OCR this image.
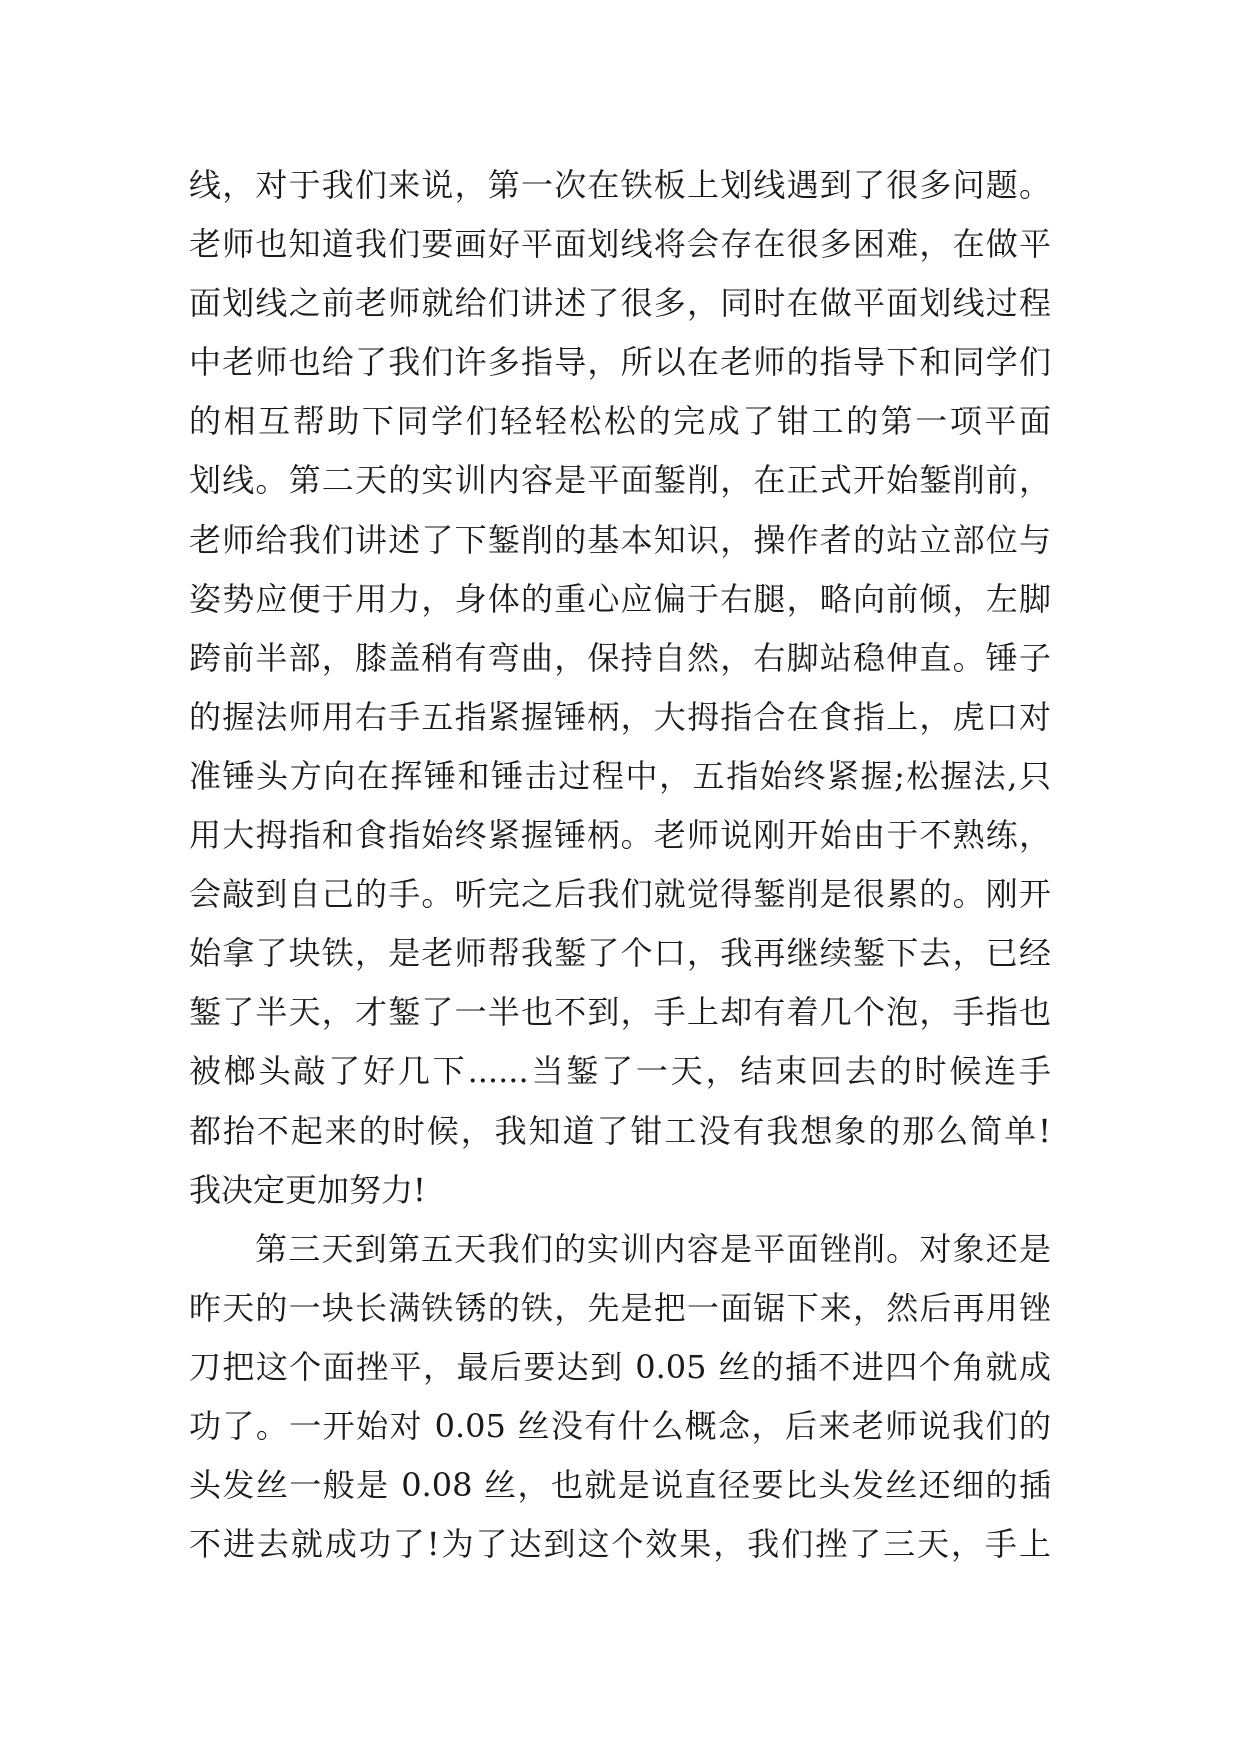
线，对于我们来说，第一次在铁板上划线遇到了很多问题。
老师也知道我们要画好平面划线将会存在很多困难，在做平
面划线之前老师就给们讲述了很多，同时在做平面划线过程
中老师也给了我们许多指导，所以在老师的指导下和同学们
的相互帮助下同学们轻轻松松的完成了钳工的第一项平面
划线。第二天的实训内容是平面錾削，在正式开始錾削前，
老师给我们讲述了下錾削的基本知识，操作者的站立部位与
姿势应便于用力，身体的重心应偏于右腿，略向前倾，左脚
跨前半部，膝盖稍有弯曲，保持自然，右脚站稳伸直。锤子
的握法师用右手五指紧握锤柄，大拇指合在食指上，虎口对
准锤头方向在挥锤和锤击过程中，五指始终紧握;松握法,只
用大拇指和食指始终紧握锤柄。老师说刚开始由于不熟练，
会敲到自己的手。听完之后我们就觉得錾削是很累的。刚开
始拿了块铁，是老师帮我錾了个口，我再继续錾下去，已经
錾了半天，才錾了一半也不到，手上却有着几个泡，手指也
被榔头敲了好几下......当錾了一天，结束回去的时候连手
都抬不起来的时候，我知道了钳工没有我想象的那么简单!
我决定更加努力!
第三天到第五天我们的实训内容是平面锉削。对象还是
昨天的一块长满铁锈的铁，先是把一面锯下来，然后再用锉
刀把这个面挫平，最后要达到 0.05 丝的插不进四个角就成
功了。一开始对 0.05 丝没有什么概念，后来老师说我们的
头发丝一般是 0.08 丝，也就是说直径要比头发丝还细的插
不进去就成功了!为了达到这个效果，我们挫了三天，手上
